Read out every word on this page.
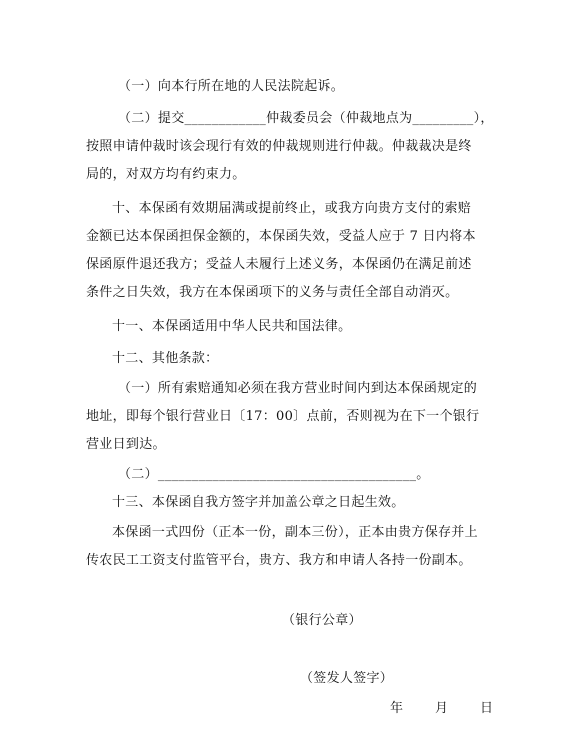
（一）向本行所在地的人民法院起诉。
（二）提交____________仲裁委员会（仲裁地点为_________），
按照申请仲裁时该会现行有效的仲裁规则进行仲裁。仲裁裁决是终
局的，对双方均有约束力。
十、本保函有效期届满或提前终止，或我方向贵方支付的索赔
金额已达本保函担保金额的，本保函失效，受益人应于 7 日内将本
保函原件退还我方；受益人未履行上述义务，本保函仍在满足前述
条件之日失效，我方在本保函项下的义务与责任全部自动消灭。
十一、本保函适用中华人民共和国法律。
十二、其他条款：
（一）所有索赔通知必须在我方营业时间内到达本保函规定的
地址，即每个银行营业日〔17：00〕点前，否则视为在下一个银行
营业日到达。
（二）______________________________________。
十三、本保函自我方签字并加盖公章之日起生效。
本保函一式四份（正本一份，副本三份），正本由贵方保存并上
传农民工工资支付监管平台，贵方、我方和申请人各持一份副本。
（银行公章）
（签发人签字）
年　　月　　日
